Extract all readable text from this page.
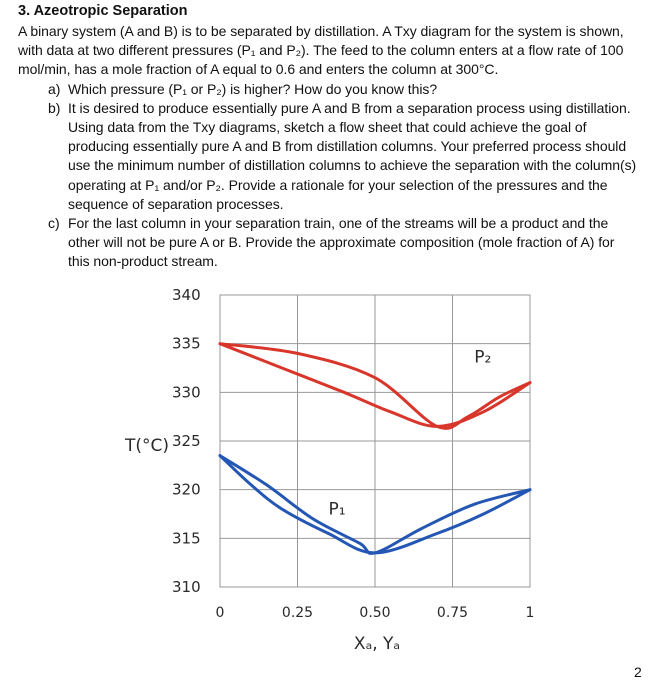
3. Azeotropic Separation

A binary system (A and B) is to be separated by distillation. A Txy diagram for the system is shown, with data at two different pressures (P₁ and P₂). The feed to the column enters at a flow rate of 100 mol/min, has a mole fraction of A equal to 0.6 and enters the column at 300°C.

a) Which pressure (P₁ or P₂) is higher? How do you know this?
b) It is desired to produce essentially pure A and B from a separation process using distillation. Using data from the Txy diagrams, sketch a flow sheet that could achieve the goal of producing essentially pure A and B from distillation columns. Your preferred process should use the minimum number of distillation columns to achieve the separation with the column(s) operating at P₁ and/or P₂. Provide a rationale for your selection of the pressures and the sequence of separation processes.
c) For the last column in your separation train, one of the streams will be a product and the other will not be pure A or B. Provide the approximate composition (mole fraction of A) for this non-product stream.
340
335
330
325
320
315
310
0	0.25	0.50	0.75	1
T(°C)
Xₐ, Yₐ
P₂
P₁
2
